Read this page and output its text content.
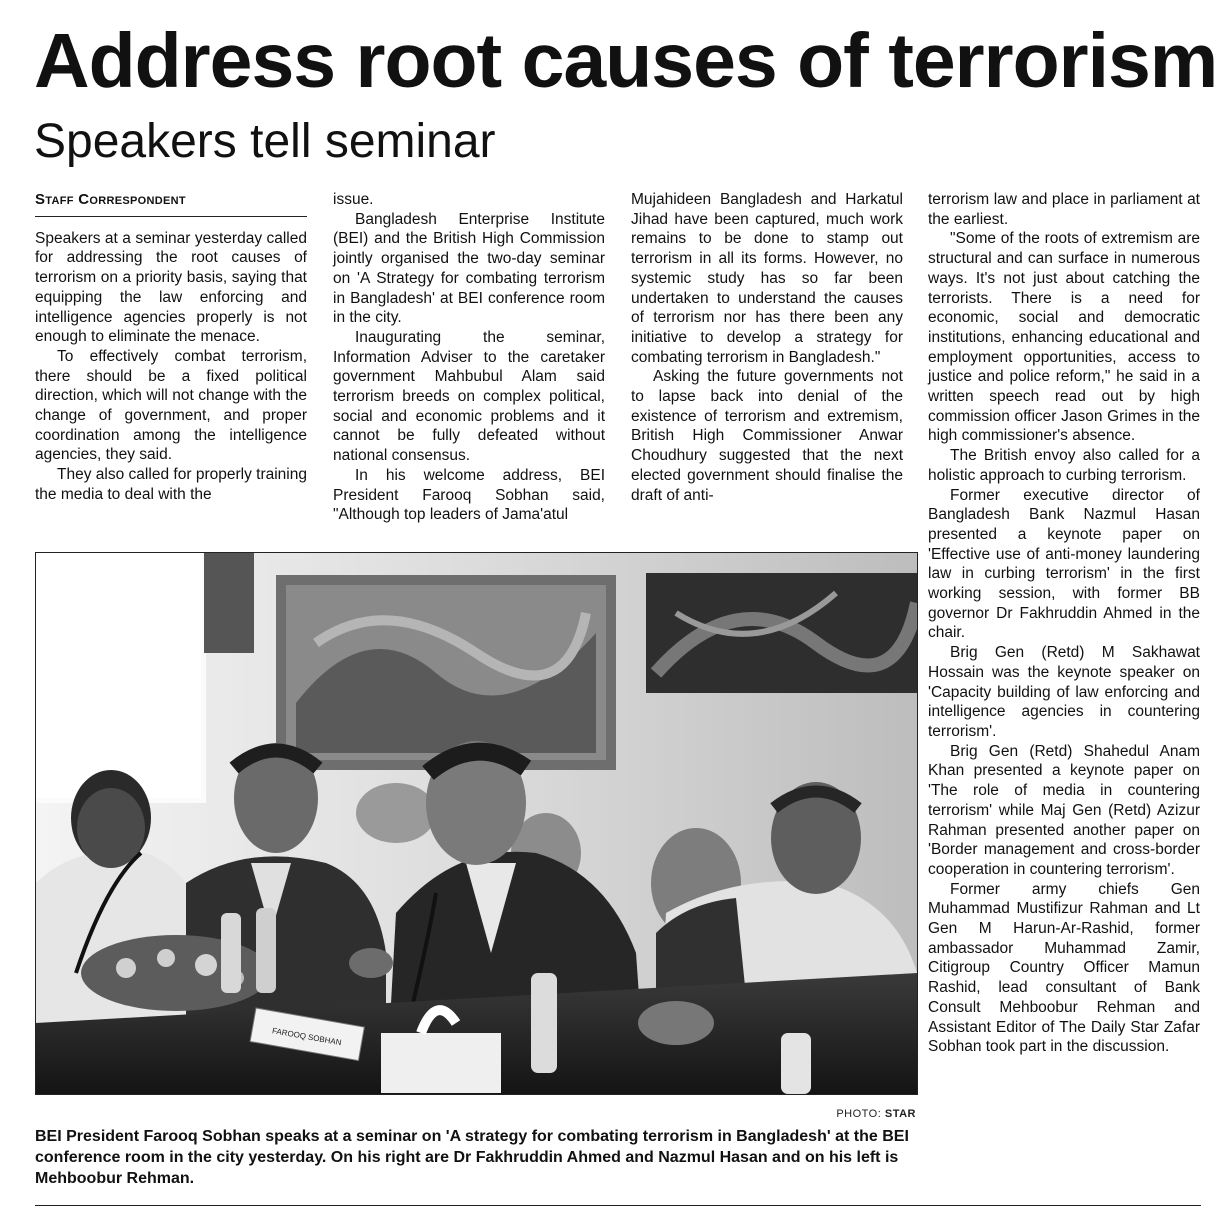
Address root causes of terrorism
Speakers tell seminar
Staff Correspondent

Speakers at a seminar yesterday called for addressing the root causes of terrorism on a priority basis, saying that equipping the law enforcing and intelligence agencies properly is not enough to eliminate the menace.

To effectively combat terrorism, there should be a fixed political direction, which will not change with the change of government, and proper coordination among the intelligence agencies, they said.

They also called for properly training the media to deal with the

issue.

Bangladesh Enterprise Institute (BEI) and the British High Commission jointly organised the two-day seminar on 'A Strategy for combating terrorism in Bangladesh' at BEI conference room in the city.

Inaugurating the seminar, Information Adviser to the caretaker government Mahbubul Alam said terrorism breeds on complex political, social and economic problems and it cannot be fully defeated without national consensus.

In his welcome address, BEI President Farooq Sobhan said, "Although top leaders of Jama'atul

Mujahideen Bangladesh and Harkatul Jihad have been captured, much work remains to be done to stamp out terrorism in all its forms. However, no systemic study has so far been undertaken to understand the causes of terrorism nor has there been any initiative to develop a strategy for combating terrorism in Bangladesh."

Asking the future governments not to lapse back into denial of the existence of terrorism and extremism, British High Commissioner Anwar Choudhury suggested that the next elected government should finalise the draft of anti-

terrorism law and place in parliament at the earliest.

"Some of the roots of extremism are structural and can surface in numerous ways. It's not just about catching the terrorists. There is a need for economic, social and democratic institutions, enhancing educational and employment opportunities, access to justice and police reform," he said in a written speech read out by high commission officer Jason Grimes in the high commissioner's absence.

The British envoy also called for a holistic approach to curbing terrorism.

Former executive director of Bangladesh Bank Nazmul Hasan presented a keynote paper on 'Effective use of anti-money laundering law in curbing terrorism' in the first working session, with former BB governor Dr Fakhruddin Ahmed in the chair.

Brig Gen (Retd) M Sakhawat Hossain was the keynote speaker on 'Capacity building of law enforcing and intelligence agencies in countering terrorism'.

Brig Gen (Retd) Shahedul Anam Khan presented a keynote paper on 'The role of media in countering terrorism' while Maj Gen (Retd) Azizur Rahman presented another paper on 'Border management and cross-border cooperation in countering terrorism'.

Former army chiefs Gen Muhammad Mustifizur Rahman and Lt Gen M Harun-Ar-Rashid, former ambassador Muhammad Zamir, Citigroup Country Officer Mamun Rashid, lead consultant of Bank Consult Mehboobur Rehman and Assistant Editor of The Daily Star Zafar Sobhan took part in the discussion.

FAROOQ SOBHAN
PHOTO: STAR

BEI President Farooq Sobhan speaks at a seminar on 'A strategy for combating terrorism in Bangladesh' at the BEI conference room in the city yesterday. On his right are Dr Fakhruddin Ahmed and Nazmul Hasan and on his left is Mehboobur Rehman.
